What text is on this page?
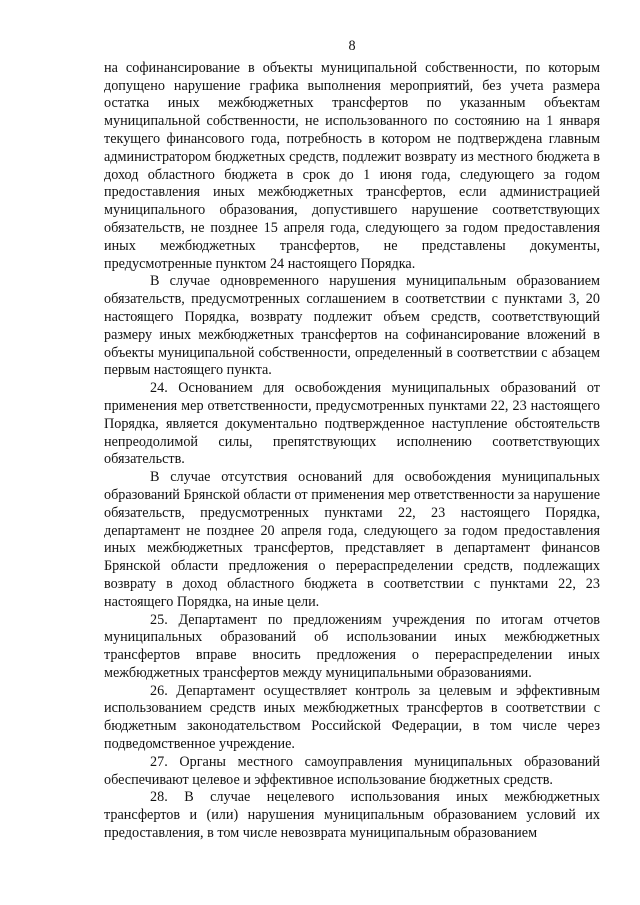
8

на софинансирование в объекты муниципальной собственности, по которым допущено нарушение графика выполнения мероприятий, без учета размера остатка иных межбюджетных трансфертов по указанным объектам муниципальной собственности, не использованного по состоянию на 1 января текущего финансового года, потребность в котором не подтверждена главным администратором бюджетных средств, подлежит возврату из местного бюджета в доход областного бюджета в срок до 1 июня года, следующего за годом предоставления иных межбюджетных трансфертов, если администрацией муниципального образования, допустившего нарушение соответствующих обязательств, не позднее 15 апреля года, следующего за годом предоставления иных межбюджетных трансфертов, не представлены документы, предусмотренные пунктом 24 настоящего Порядка.

В случае одновременного нарушения муниципальным образованием обязательств, предусмотренных соглашением в соответствии с пунктами 3, 20 настоящего Порядка, возврату подлежит объем средств, соответствующий размеру иных межбюджетных трансфертов на софинансирование вложений в объекты муниципальной собственности, определенный в соответствии с абзацем первым настоящего пункта.

24. Основанием для освобождения муниципальных образований от применения мер ответственности, предусмотренных пунктами 22, 23 настоящего Порядка, является документально подтвержденное наступление обстоятельств непреодолимой силы, препятствующих исполнению соответствующих обязательств.

В случае отсутствия оснований для освобождения муниципальных образований Брянской области от применения мер ответственности за нарушение обязательств, предусмотренных пунктами 22, 23 настоящего Порядка, департамент не позднее 20 апреля года, следующего за годом предоставления иных межбюджетных трансфертов, представляет в департамент финансов Брянской области предложения о перераспределении средств, подлежащих возврату в доход областного бюджета в соответствии с пунктами 22, 23 настоящего Порядка, на иные цели.

25. Департамент по предложениям учреждения по итогам отчетов муниципальных образований об использовании иных межбюджетных трансфертов вправе вносить предложения о перераспределении иных межбюджетных трансфертов между муниципальными образованиями.

26. Департамент осуществляет контроль за целевым и эффективным использованием средств иных межбюджетных трансфертов в соответствии с бюджетным законодательством Российской Федерации, в том числе через подведомственное учреждение.

27. Органы местного самоуправления муниципальных образований обеспечивают целевое и эффективное использование бюджетных средств.

28. В случае нецелевого использования иных межбюджетных трансфертов и (или) нарушения муниципальным образованием условий их предоставления, в том числе невозврата муниципальным образованием
